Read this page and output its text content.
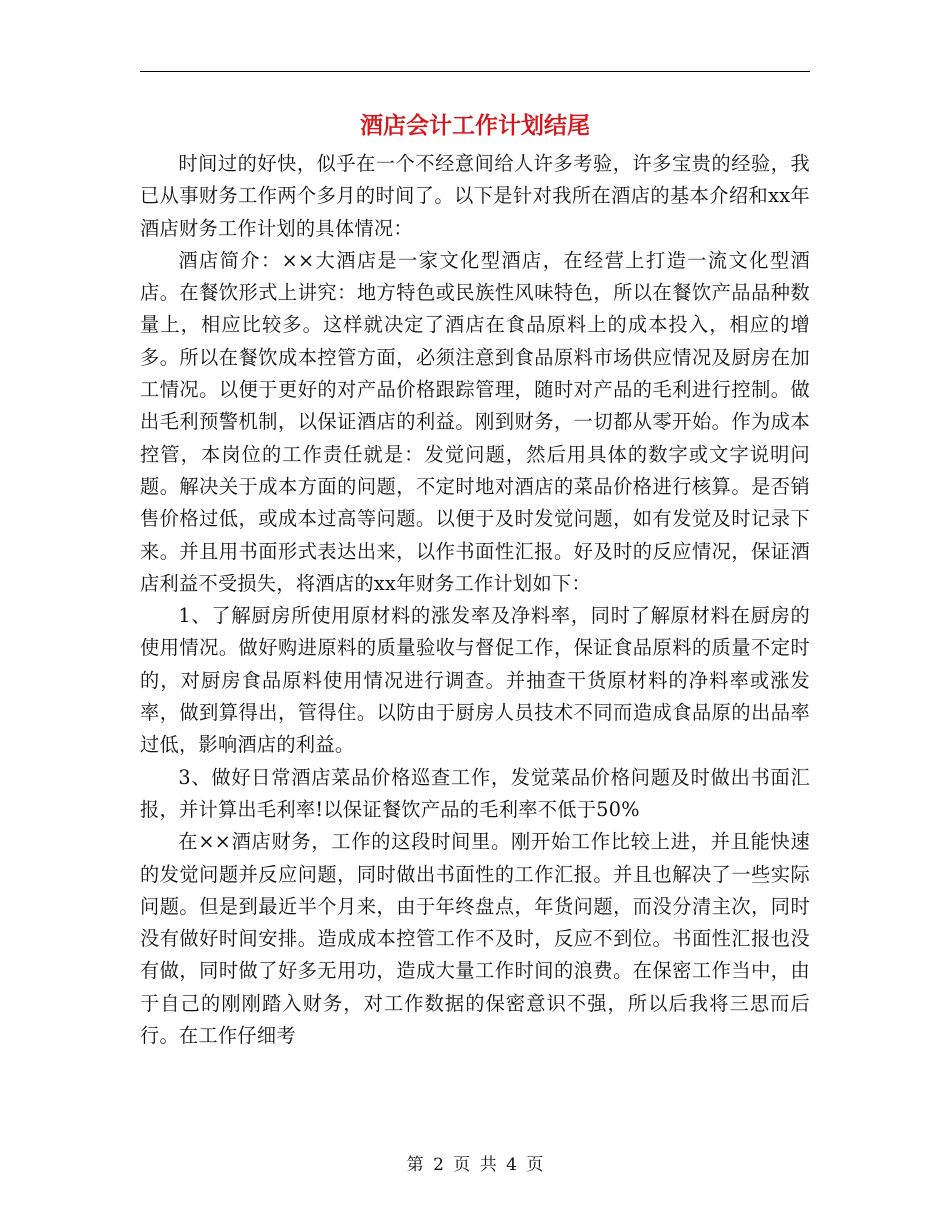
酒店会计工作计划结尾

时间过的好快，似乎在一个不经意间给人许多考验，许多宝贵的经验，我已从事财务工作两个多月的时间了。以下是针对我所在酒店的基本介绍和xx年酒店财务工作计划的具体情况：

酒店简介：××大酒店是一家文化型酒店，在经营上打造一流文化型酒店。在餐饮形式上讲究：地方特色或民族性风味特色，所以在餐饮产品品种数量上，相应比较多。这样就决定了酒店在食品原料上的成本投入，相应的增多。所以在餐饮成本控管方面，必须注意到食品原料市场供应情况及厨房在加工情况。以便于更好的对产品价格跟踪管理，随时对产品的毛利进行控制。做出毛利预警机制，以保证酒店的利益。刚到财务，一切都从零开始。作为成本控管，本岗位的工作责任就是：发觉问题，然后用具体的数字或文字说明问题。解决关于成本方面的问题，不定时地对酒店的菜品价格进行核算。是否销售价格过低，或成本过高等问题。以便于及时发觉问题，如有发觉及时记录下来。并且用书面形式表达出来，以作书面性汇报。好及时的反应情况，保证酒店利益不受损失，将酒店的xx年财务工作计划如下：

1、了解厨房所使用原材料的涨发率及净料率，同时了解原材料在厨房的使用情况。做好购进原料的质量验收与督促工作，保证食品原料的质量不定时的，对厨房食品原料使用情况进行调查。并抽查干货原材料的净料率或涨发率，做到算得出，管得住。以防由于厨房人员技术不同而造成食品原的出品率过低，影响酒店的利益。

3、做好日常酒店菜品价格巡查工作，发觉菜品价格问题及时做出书面汇报，并计算出毛利率!以保证餐饮产品的毛利率不低于50%

在××酒店财务，工作的这段时间里。刚开始工作比较上进，并且能快速的发觉问题并反应问题，同时做出书面性的工作汇报。并且也解决了一些实际问题。但是到最近半个月来，由于年终盘点，年货问题，而没分清主次，同时没有做好时间安排。造成成本控管工作不及时，反应不到位。书面性汇报也没有做，同时做了好多无用功，造成大量工作时间的浪费。在保密工作当中，由于自己的刚刚踏入财务，对工作数据的保密意识不强，所以后我将三思而后行。在工作仔细考

第 2 页 共 4 页
